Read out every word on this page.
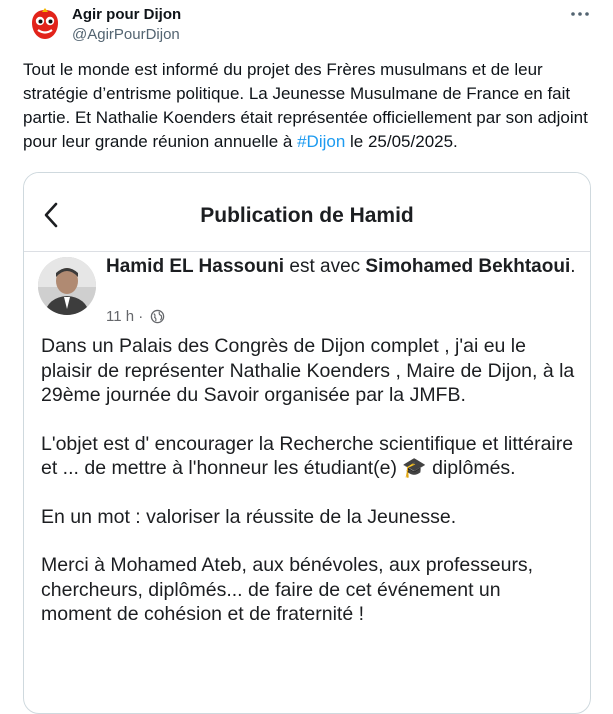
Agir pour Dijon
@AgirPourDijon
Tout le monde est informé du projet des Frères musulmans et de leur stratégie d’entrisme politique. La Jeunesse Musulmane de France en fait partie. Et Nathalie Koenders était représentée officiellement par son adjoint pour leur grande réunion annuelle à #Dijon le 25/05/2025.
Publication de Hamid
Hamid EL Hassouni est avec Simohamed Bekhtaoui.
11 h ·

Dans un Palais des Congrès de Dijon complet , j'ai eu le plaisir de représenter Nathalie Koenders , Maire de Dijon, à la 29ème journée du Savoir organisée par la JMFB.

L'objet est d' encourager la Recherche scientifique et littéraire et ... de mettre à l'honneur les étudiant(e) 🎓 diplômés.

En un mot : valoriser la réussite de la Jeunesse.

Merci à Mohamed Ateb, aux bénévoles, aux professeurs, chercheurs, diplômés... de faire de cet événement un moment de cohésion et de fraternité !
